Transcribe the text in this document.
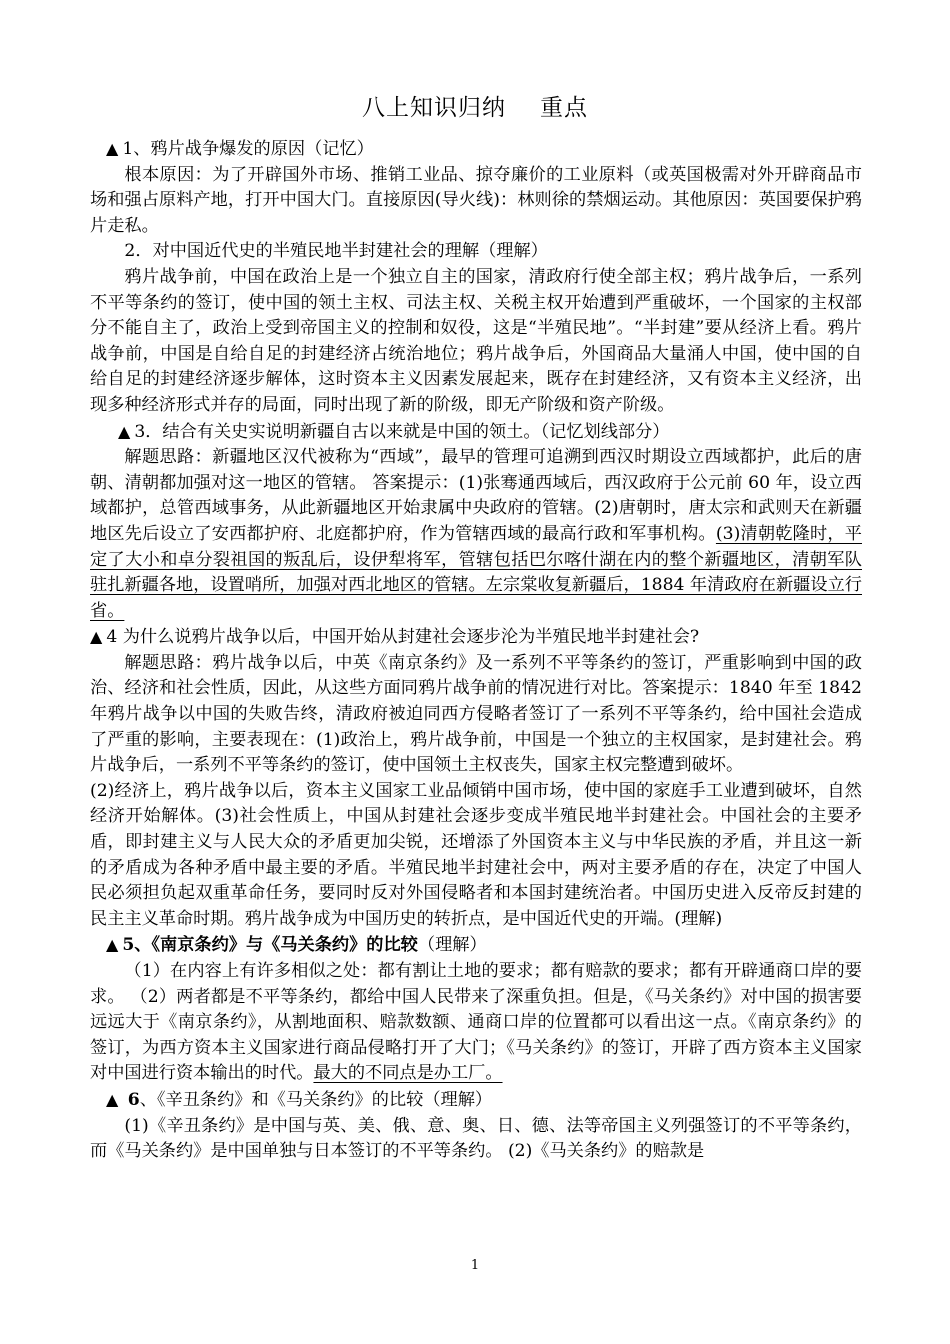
八上知识归纳 重点

▲ 1、鸦片战争爆发的原因（记忆）

根本原因：为了开辟国外市场、推销工业品、掠夺廉价的工业原料（或英国极需对外开辟商品市场和强占原料产地，打开中国大门。直接原因(导火线)：林则徐的禁烟运动。其他原因：英国要保护鸦片走私。

2．对中国近代史的半殖民地半封建社会的理解（理解）

鸦片战争前，中国在政治上是一个独立自主的国家，清政府行使全部主权；鸦片战争后，一系列不平等条约的签订，使中国的领土主权、司法主权、关税主权开始遭到严重破坏，一个国家的主权部分不能自主了，政治上受到帝国主义的控制和奴役，这是“半殖民地”。“半封建”要从经济上看。鸦片战争前，中国是自给自足的封建经济占统治地位；鸦片战争后，外国商品大量涌人中国，使中国的自给自足的封建经济逐步解体，这时资本主义因素发展起来，既存在封建经济，又有资本主义经济，出现多种经济形式并存的局面，同时出现了新的阶级，即无产阶级和资产阶级。

▲ 3．结合有关史实说明新疆自古以来就是中国的领土。（记忆划线部分）

解题思路：新疆地区汉代被称为“西域”，最早的管理可追溯到西汉时期设立西域都护，此后的唐朝、清朝都加强对这一地区的管辖。 答案提示：(1)张骞通西域后，西汉政府于公元前 60 年，设立西域都护，总管西域事务，从此新疆地区开始隶属中央政府的管辖。(2)唐朝时，唐太宗和武则天在新疆地区先后设立了安西都护府、北庭都护府，作为管辖西域的最高行政和军事机构。(3)清朝乾隆时，平定了大小和卓分裂祖国的叛乱后，设伊犁将军，管辖包括巴尔喀什湖在内的整个新疆地区，清朝军队驻扎新疆各地，设置哨所，加强对西北地区的管辖。左宗棠收复新疆后，1884 年清政府在新疆设立行省。

▲ 4 为什么说鸦片战争以后，中国开始从封建社会逐步沦为半殖民地半封建社会?

解题思路：鸦片战争以后，中英《南京条约》及一系列不平等条约的签订，严重影响到中国的政治、经济和社会性质，因此，从这些方面同鸦片战争前的情况进行对比。答案提示：1840 年至 1842 年鸦片战争以中国的失败告终，清政府被迫同西方侵略者签订了一系列不平等条约，给中国社会造成了严重的影响，主要表现在：(1)政治上，鸦片战争前，中国是一个独立的主权国家，是封建社会。鸦片战争后，一系列不平等条约的签订，使中国领土主权丧失，国家主权完整遭到破坏。

(2)经济上，鸦片战争以后，资本主义国家工业品倾销中国市场，使中国的家庭手工业遭到破坏，自然经济开始解体。(3)社会性质上，中国从封建社会逐步变成半殖民地半封建社会。中国社会的主要矛盾，即封建主义与人民大众的矛盾更加尖锐，还增添了外国资本主义与中华民族的矛盾，并且这一新的矛盾成为各种矛盾中最主要的矛盾。半殖民地半封建社会中，两对主要矛盾的存在，决定了中国人民必须担负起双重革命任务，要同时反对外国侵略者和本国封建统治者。中国历史进入反帝反封建的民主主义革命时期。鸦片战争成为中国历史的转折点，是中国近代史的开端。(理解)

▲ 5、《南京条约》与《马关条约》的比较（理解）

（1）在内容上有许多相似之处：都有割让土地的要求；都有赔款的要求；都有开辟通商口岸的要求。 （2）两者都是不平等条约，都给中国人民带来了深重负担。但是，《马关条约》对中国的损害要远远大于《南京条约》，从割地面积、赔款数额、通商口岸的位置都可以看出这一点。《南京条约》的签订，为西方资本主义国家进行商品侵略打开了大门；《马关条约》的签订，开辟了西方资本主义国家对中国进行资本输出的时代。最大的不同点是办工厂。

▲ 6、《辛丑条约》和《马关条约》的比较（理解）

(1)《辛丑条约》是中国与英、美、俄、意、奥、日、德、法等帝国主义列强签订的不平等条约，而《马关条约》是中国单独与日本签订的不平等条约。 (2)《马关条约》的赔款是

1
